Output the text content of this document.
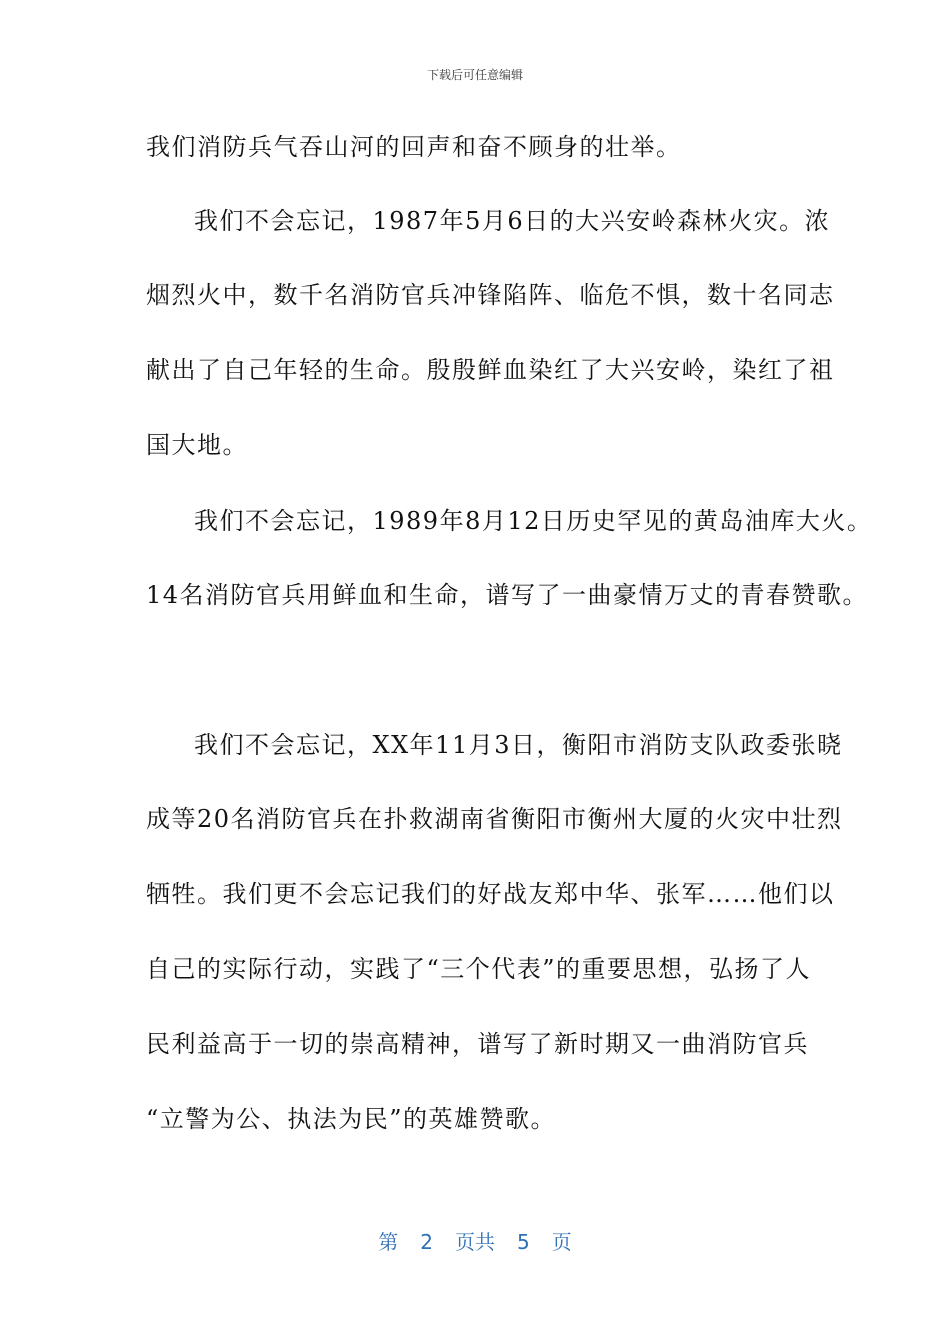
下载后可任意编辑
我们消防兵气吞山河的回声和奋不顾身的壮举。
我们不会忘记，1987年5月6日的大兴安岭森林火灾。浓
烟烈火中，数千名消防官兵冲锋陷阵、临危不惧，数十名同志
献出了自己年轻的生命。殷殷鲜血染红了大兴安岭，染红了祖
国大地。
我们不会忘记，1989年8月12日历史罕见的黄岛油库大火。
14名消防官兵用鲜血和生命，谱写了一曲豪情万丈的青春赞歌。
我们不会忘记，XX年11月3日，衡阳市消防支队政委张晓
成等20名消防官兵在扑救湖南省衡阳市衡州大厦的火灾中壮烈
牺牲。我们更不会忘记我们的好战友郑中华、张军……他们以
自己的实际行动，实践了“三个代表”的重要思想，弘扬了人
民利益高于一切的崇高精神，谱写了新时期又一曲消防官兵
“立警为公、执法为民”的英雄赞歌。
第 2 页共 5 页
